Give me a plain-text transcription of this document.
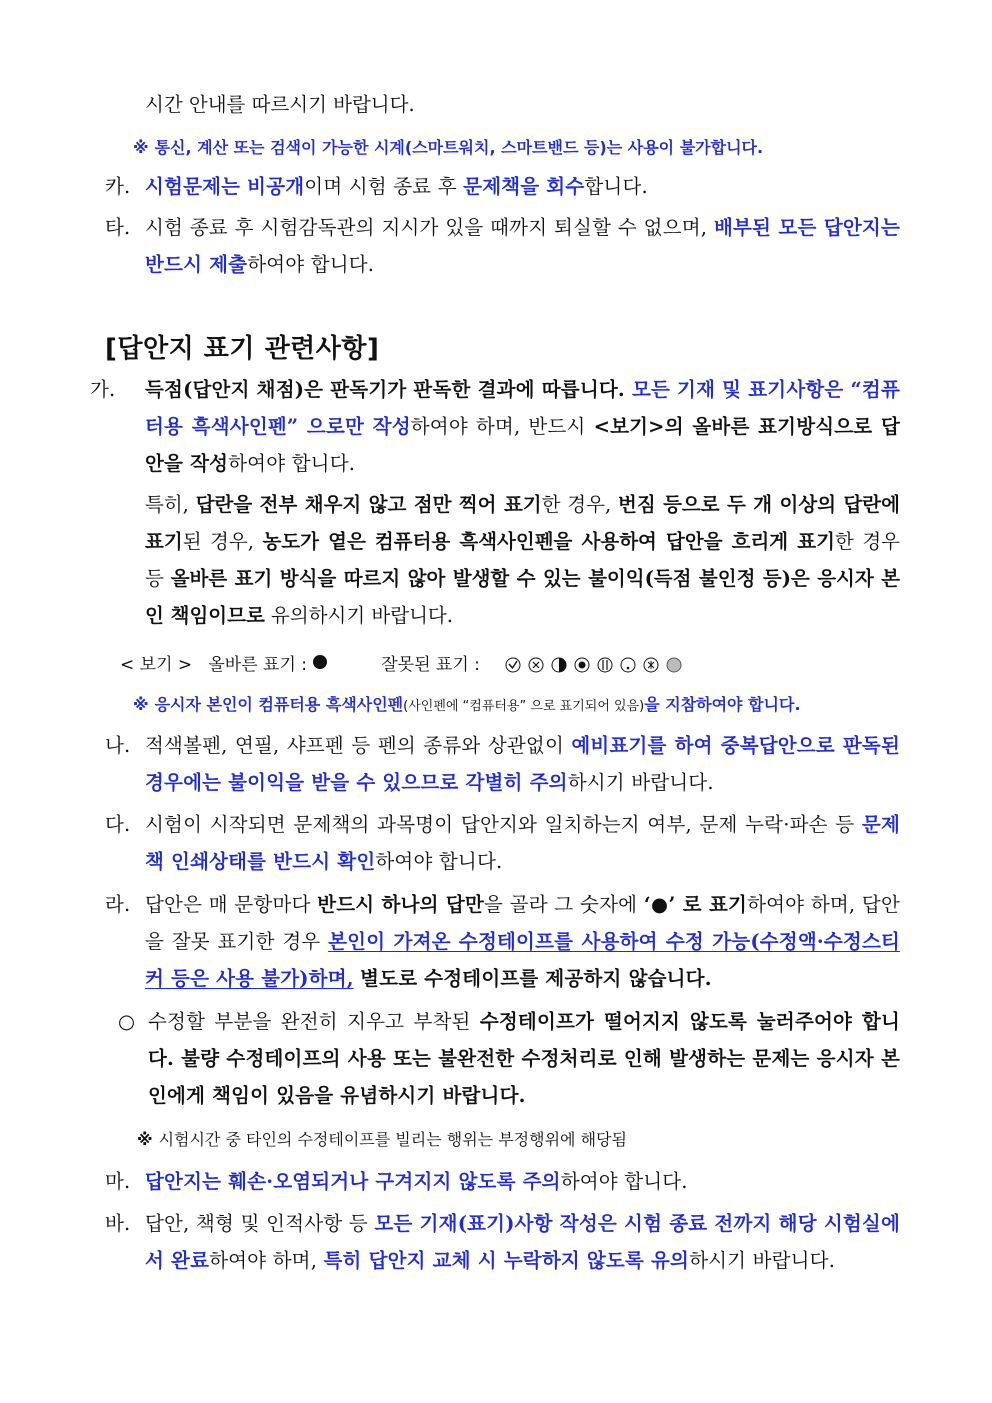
시간 안내를 따르시기 바랍니다.
※ 통신, 계산 또는 검색이 가능한 시계(스마트워치, 스마트밴드 등)는 사용이 불가합니다.
카. 시험문제는 비공개이며 시험 종료 후 문제책을 회수합니다.
타. 시험 종료 후 시험감독관의 지시가 있을 때까지 퇴실할 수 없으며, 배부된 모든 답안지는 반드시 제출하여야 합니다.
[답안지 표기 관련사항]
가. 득점(답안지 채점)은 판독기가 판독한 결과에 따릅니다. 모든 기재 및 표기사항은 “컴퓨터용 흑색사인펜” 으로만 작성하여야 하며, 반드시 <보기>의 올바른 표기방식으로 답안을 작성하여야 합니다.
특히, 답란을 전부 채우지 않고 점만 찍어 표기한 경우, 번짐 등으로 두 개 이상의 답란에 표기된 경우, 농도가 옅은 컴퓨터용 흑색사인펜을 사용하여 답안을 흐리게 표기한 경우 등 올바른 표기 방식을 따르지 않아 발생할 수 있는 불이익(득점 불인정 등)은 응시자 본인 책임이므로 유의하시기 바랍니다.
< 보기 > 올바른 표기 :	잘못된 표기 :
※ 응시자 본인이 컴퓨터용 흑색사인펜(사인펜에 “컴퓨터용” 으로 표기되어 있음)을 지참하여야 합니다.
나. 적색볼펜, 연필, 샤프펜 등 펜의 종류와 상관없이 예비표기를 하여 중복답안으로 판독된 경우에는 불이익을 받을 수 있으므로 각별히 주의하시기 바랍니다.
다. 시험이 시작되면 문제책의 과목명이 답안지와 일치하는지 여부, 문제 누락·파손 등 문제책 인쇄상태를 반드시 확인하여야 합니다.
라. 답안은 매 문항마다 반드시 하나의 답만을 골라 그 숫자에 ‘●’ 로 표기하여야 하며, 답안을 잘못 표기한 경우 본인이 가져온 수정테이프를 사용하여 수정 가능(수정액·수정스티커 등은 사용 불가)하며, 별도로 수정테이프를 제공하지 않습니다.
○ 수정할 부분을 완전히 지우고 부착된 수정테이프가 떨어지지 않도록 눌러주어야 합니다. 불량 수정테이프의 사용 또는 불완전한 수정처리로 인해 발생하는 문제는 응시자 본인에게 책임이 있음을 유념하시기 바랍니다.
※ 시험시간 중 타인의 수정테이프를 빌리는 행위는 부정행위에 해당됨
마. 답안지는 훼손·오염되거나 구겨지지 않도록 주의하여야 합니다.
바. 답안, 책형 및 인적사항 등 모든 기재(표기)사항 작성은 시험 종료 전까지 해당 시험실에서 완료하여야 하며, 특히 답안지 교체 시 누락하지 않도록 유의하시기 바랍니다.
